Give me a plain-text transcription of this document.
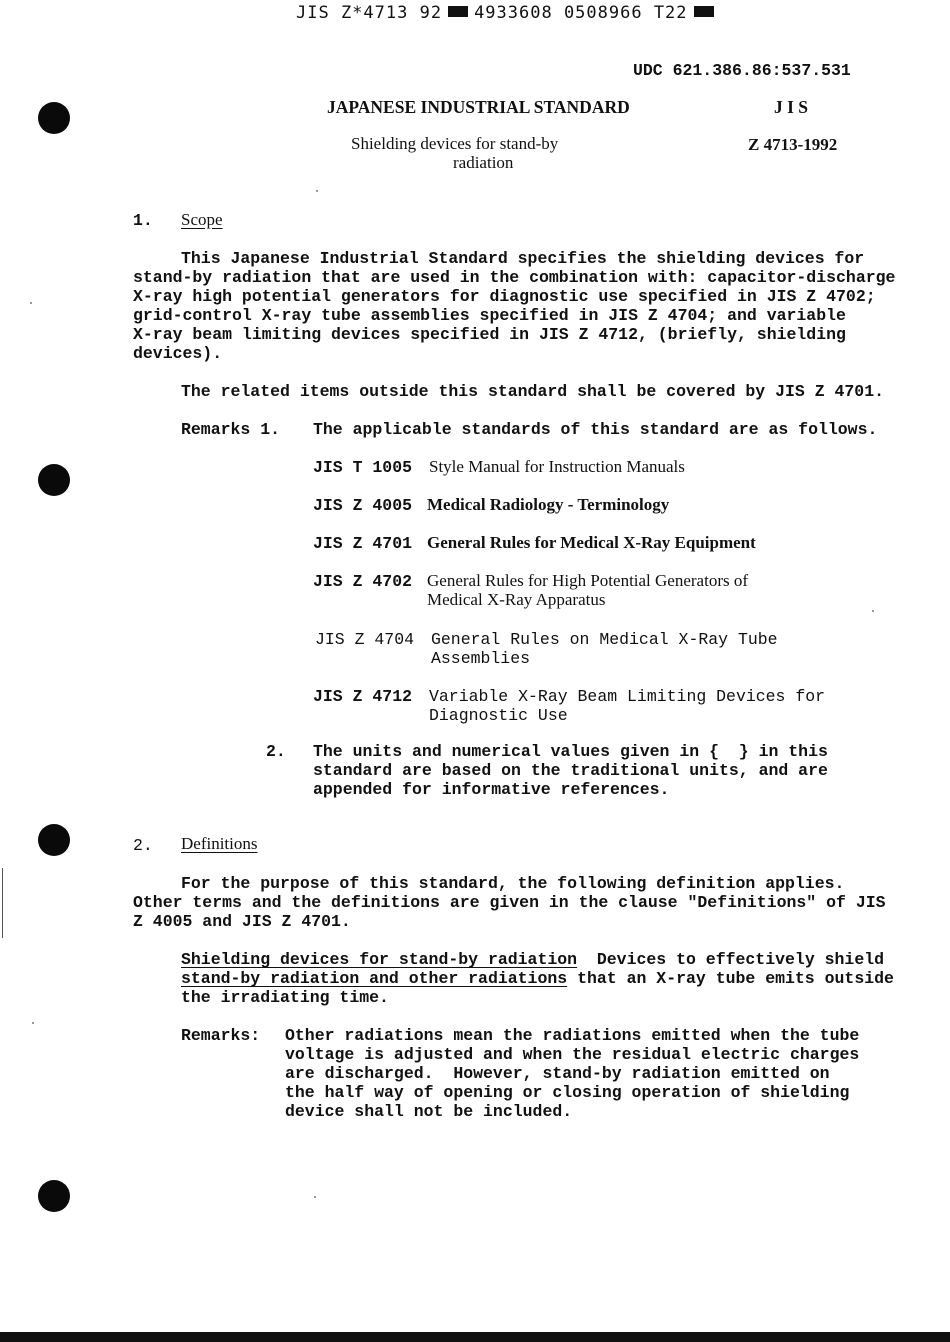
JIS Z*4713 92 4933608 0508966 T22
UDC 621.386.86:537.531
JAPANESE INDUSTRIAL STANDARD	J I S
Shielding devices for stand-by
radiation
Z 4713-1992
1. Scope
This Japanese Industrial Standard specifies the shielding devices for
stand-by radiation that are used in the combination with: capacitor-discharge
X-ray high potential generators for diagnostic use specified in JIS Z 4702;
grid-control X-ray tube assemblies specified in JIS Z 4704; and variable
X-ray beam limiting devices specified in JIS Z 4712, (briefly, shielding
devices).
The related items outside this standard shall be covered by JIS Z 4701.
Remarks 1. The applicable standards of this standard are as follows.
JIS T 1005 Style Manual for Instruction Manuals
JIS Z 4005 Medical Radiology - Terminology
JIS Z 4701 General Rules for Medical X-Ray Equipment
JIS Z 4702 General Rules for High Potential Generators of
Medical X-Ray Apparatus
JIS Z 4704 General Rules on Medical X-Ray Tube
Assemblies
JIS Z 4712 Variable X-Ray Beam Limiting Devices for
Diagnostic Use
2. The units and numerical values given in {  } in this
standard are based on the traditional units, and are
appended for informative references.
2. Definitions
For the purpose of this standard, the following definition applies.
Other terms and the definitions are given in the clause "Definitions" of JIS
Z 4005 and JIS Z 4701.
Shielding devices for stand-by radiation  Devices to effectively shield
stand-by radiation and other radiations that an X-ray tube emits outside
the irradiating time.
Remarks: Other radiations mean the radiations emitted when the tube
voltage is adjusted and when the residual electric charges
are discharged.  However, stand-by radiation emitted on
the half way of opening or closing operation of shielding
device shall not be included.
